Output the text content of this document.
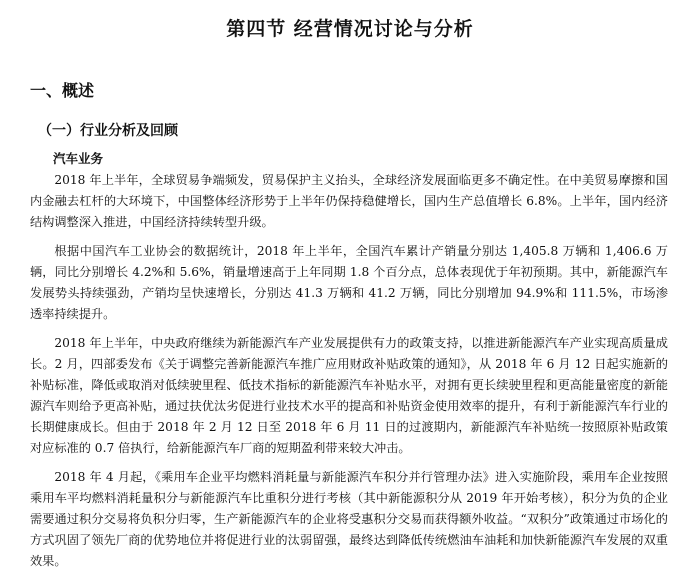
第四节 经营情况讨论与分析
一、概述
（一）行业分析及回顾
汽车业务

2018 年上半年，全球贸易争端频发，贸易保护主义抬头，全球经济发展面临更多不确定性。在中美贸易摩擦和国内金融去杠杆的大环境下，中国整体经济形势于上半年仍保持稳健增长，国内生产总值增长 6.8%。上半年，国内经济结构调整深入推进，中国经济持续转型升级。

根据中国汽车工业协会的数据统计，2018 年上半年，全国汽车累计产销量分别达 1,405.8 万辆和 1,406.6 万辆，同比分别增长 4.2%和 5.6%，销量增速高于上年同期 1.8 个百分点，总体表现优于年初预期。其中，新能源汽车发展势头持续强劲，产销均呈快速增长，分别达 41.3 万辆和 41.2 万辆，同比分别增加 94.9%和 111.5%，市场渗透率持续提升。

2018 年上半年，中央政府继续为新能源汽车产业发展提供有力的政策支持，以推进新能源汽车产业实现高质量成长。2 月，四部委发布《关于调整完善新能源汽车推广应用财政补贴政策的通知》，从 2018 年 6 月 12 日起实施新的补贴标准，降低或取消对低续驶里程、低技术指标的新能源汽车补贴水平，对拥有更长续驶里程和更高能量密度的新能源汽车则给予更高补贴，通过扶优汰劣促进行业技术水平的提高和补贴资金使用效率的提升，有利于新能源汽车行业的长期健康成长。但由于 2018 年 2 月 12 日至 2018 年 6 月 11 日的过渡期内，新能源汽车补贴统一按照原补贴政策对应标准的 0.7 倍执行，给新能源汽车厂商的短期盈利带来较大冲击。

2018 年 4 月起，《乘用车企业平均燃料消耗量与新能源汽车积分并行管理办法》进入实施阶段，乘用车企业按照乘用车平均燃料消耗量积分与新能源汽车比重积分进行考核（其中新能源积分从 2019 年开始考核），积分为负的企业需要通过积分交易将负积分归零，生产新能源汽车的企业将受惠积分交易而获得额外收益。“双积分”政策通过市场化的方式巩固了领先厂商的优势地位并将促进行业的汰弱留强，最终达到降低传统燃油车油耗和加快新能源汽车发展的双重效果。
